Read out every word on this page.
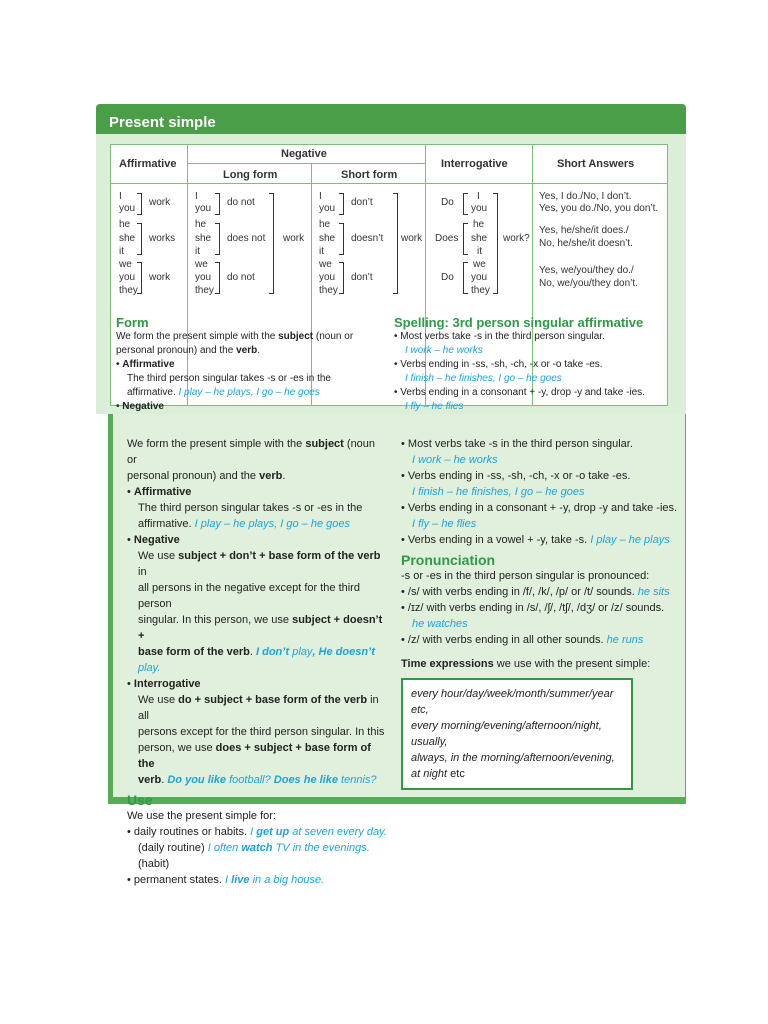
Present simple
Affirmative
Negative
Long form	Short form
Interrogative	Short Answers
I
you
work
he
she
it
works
we
you
they
work
I
you
do not
he
she
it
does not
we
you
they
do not
work
I
you
don’t
he
she
it
doesn’t
we
you
they
don’t
work
Do
I
you
Does
he
she
it
Do
we
you
they
work?
Yes, I do./No, I don’t.
Yes, you do./No, you don’t.
Yes, he/she/it does./
No, he/she/it doesn’t.
Yes, we/you/they do./
No, we/you/they don’t.
Form
We form the present simple with the subject (noun or
personal pronoun) and the verb.
• Affirmative
The third person singular takes -s or -es in the
affirmative. I play – he plays, I go – he goes
• Negative
Spelling: 3rd person singular affirmative
• Most verbs take -s in the third person singular.
I work – he works
• Verbs ending in -ss, -sh, -ch, -x or -o take -es.
I finish – he finishes, I go – he goes
• Verbs ending in a consonant + -y, drop -y and take -ies.
I fly – he flies

We form the present simple with the subject (noun or

personal pronoun) and the verb.

• Affirmative

The third person singular takes -s or -es in the

affirmative. I play – he plays, I go – he goes

• Negative

We use subject + don’t + base form of the verb in

all persons in the negative except for the third person

singular. In this person, we use subject + doesn’t +

base form of the verb. I don’t play, He doesn’t play.

• Interrogative

We use do + subject + base form of the verb in all

persons except for the third person singular. In this

person, we use does + subject + base form of the

verb. Do you like football? Does he like tennis?

Use

We use the present simple for:

• daily routines or habits. I get up at seven every day.

(daily routine) I often watch TV in the evenings. (habit)

• permanent states. I live in a big house.

• Most verbs take -s in the third person singular.

I work – he works

• Verbs ending in -ss, -sh, -ch, -x or -o take -es.

I finish – he finishes, I go – he goes

• Verbs ending in a consonant + -y, drop -y and take -ies.

I fly – he flies

• Verbs ending in a vowel + -y, take -s. I play – he plays

Pronunciation

-s or -es in the third person singular is pronounced:

• /s/ with verbs ending in /f/, /k/, /p/ or /t/ sounds. he sits

• /ɪz/ with verbs ending in /s/, /ʃ/, /tʃ/, /dʒ/ or /z/ sounds.

he watches

• /z/ with verbs ending in all other sounds. he runs

Time expressions we use with the present simple:

every hour/day/week/month/summer/year etc,
every morning/evening/afternoon/night, usually,
always, in the morning/afternoon/evening,
at night etc
